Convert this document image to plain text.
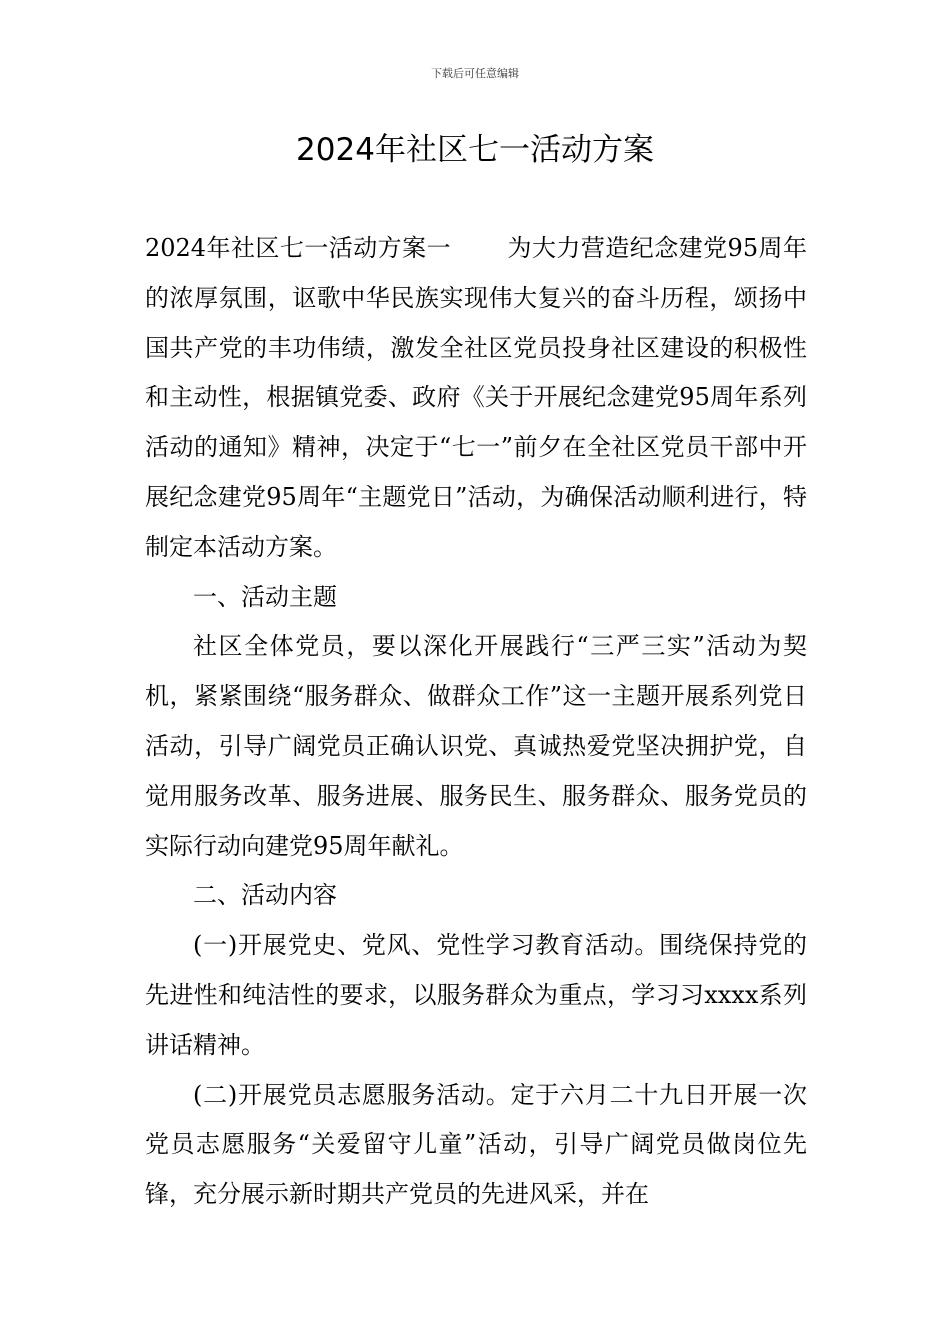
下载后可任意编辑
2024年社区七一活动方案

2024年社区七一活动方案一 为大力营造纪念建党95周年的浓厚氛围，讴歌中华民族实现伟大复兴的奋斗历程，颂扬中国共产党的丰功伟绩，激发全社区党员投身社区建设的积极性和主动性，根据镇党委、政府《关于开展纪念建党95周年系列活动的通知》精神，决定于“七一”前夕在全社区党员干部中开展纪念建党95周年“主题党日”活动，为确保活动顺利进行，特制定本活动方案。

一、活动主题

社区全体党员，要以深化开展践行“三严三实”活动为契机，紧紧围绕“服务群众、做群众工作”这一主题开展系列党日活动，引导广阔党员正确认识党、真诚热爱党坚决拥护党，自觉用服务改革、服务进展、服务民生、服务群众、服务党员的实际行动向建党95周年献礼。

二、活动内容

(一)开展党史、党风、党性学习教育活动。围绕保持党的先进性和纯洁性的要求，以服务群众为重点，学习习xxxx系列讲话精神。

(二)开展党员志愿服务活动。定于六月二十九日开展一次党员志愿服务“关爱留守儿童”活动，引导广阔党员做岗位先锋，充分展示新时期共产党员的先进风采，并在
